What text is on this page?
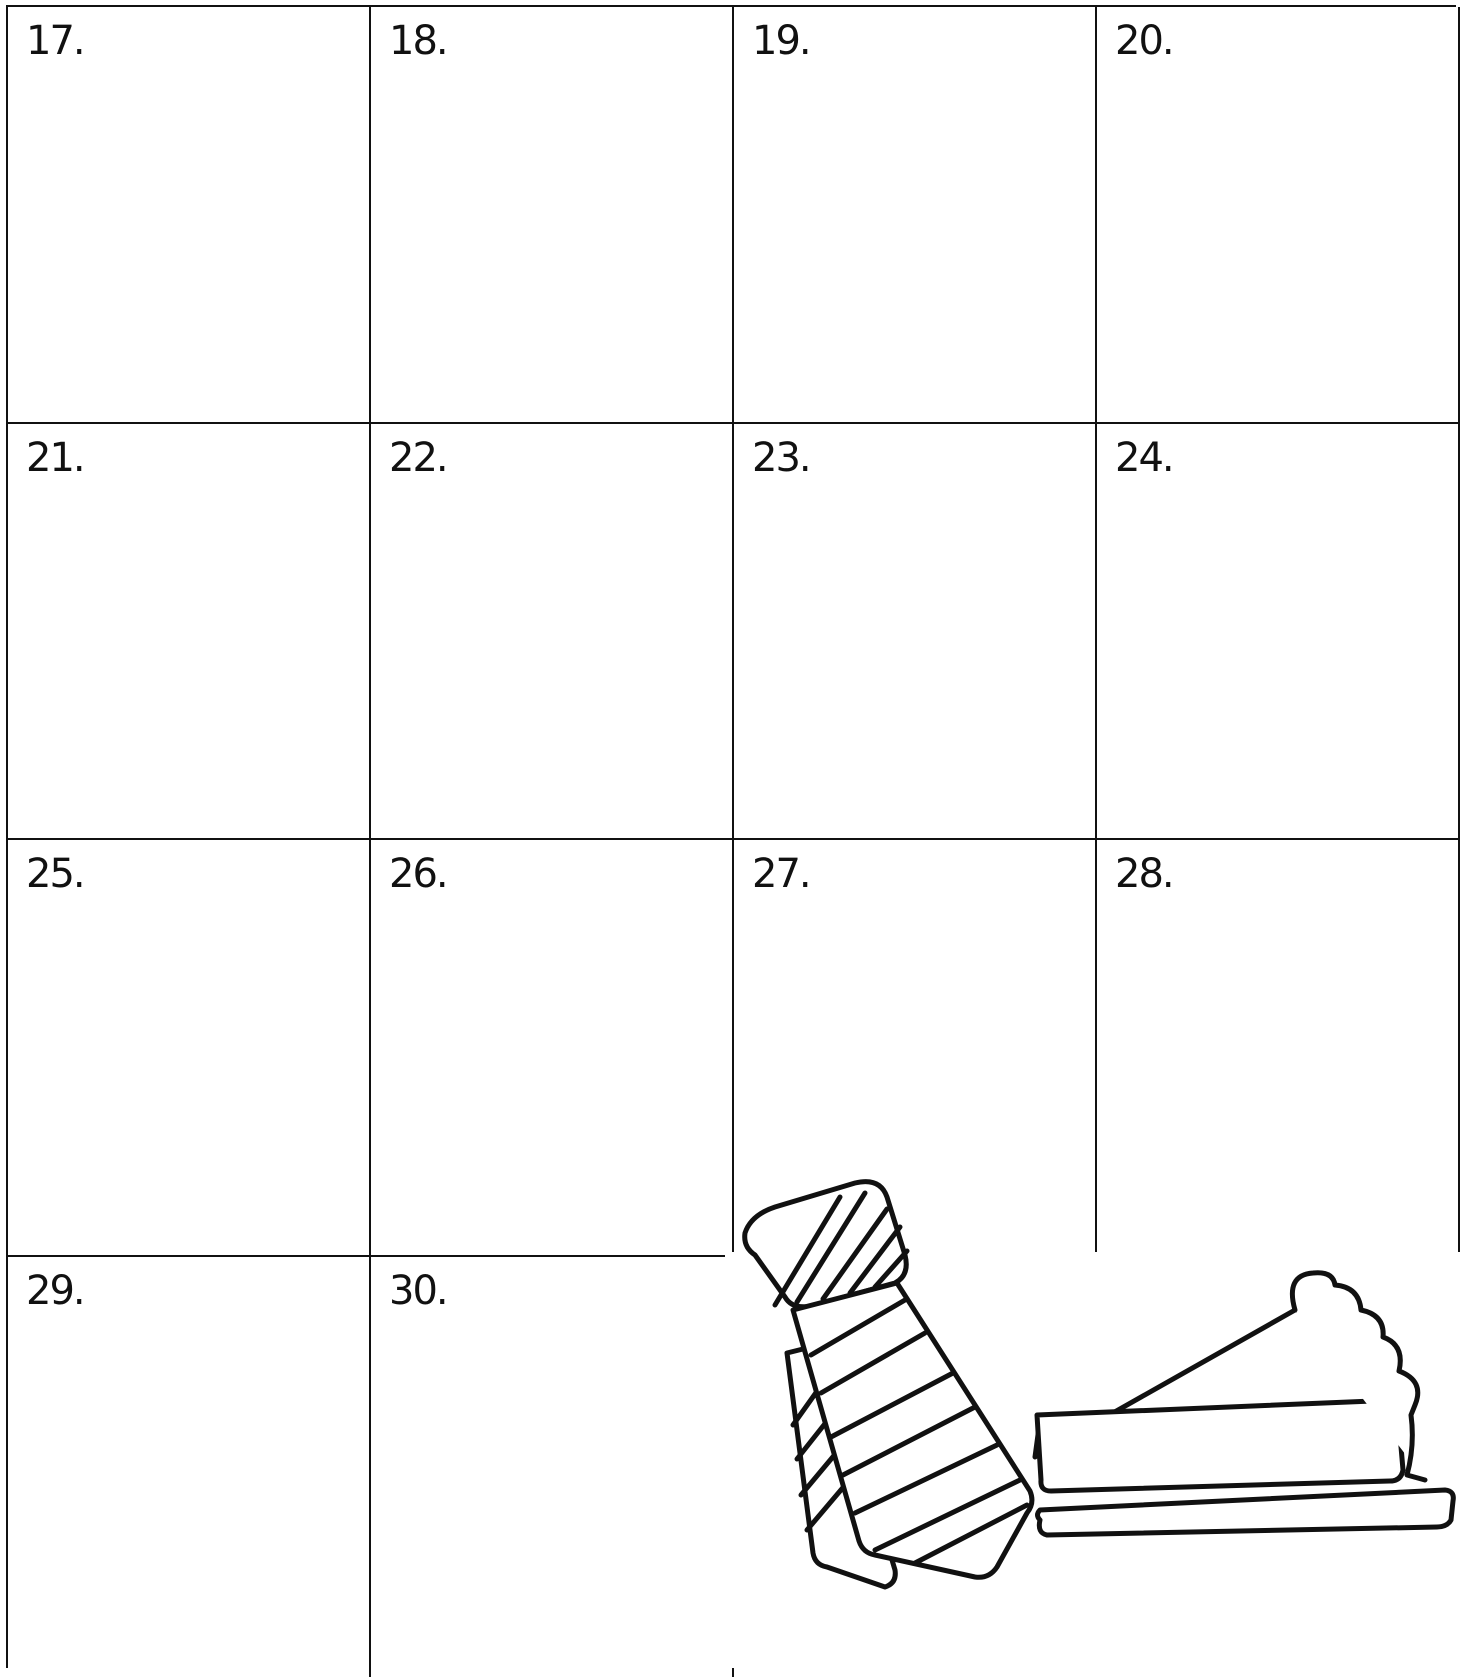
17.	18.	19.	20.
21.	22.	23.	24.
25.	26.	27.	28.
29.	30.
